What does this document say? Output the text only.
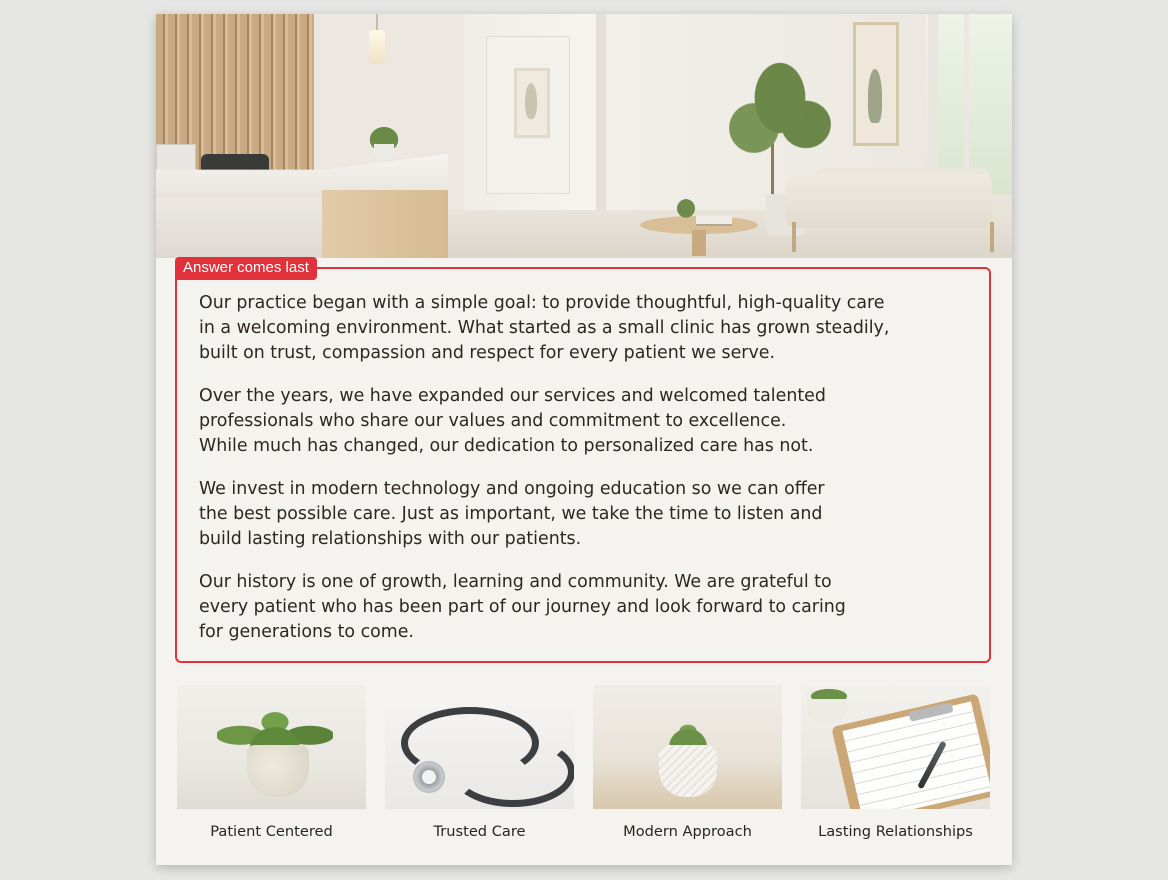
Answer comes last

Our practice began with a simple goal: to provide thoughtful, high-quality care
in a welcoming environment. What started as a small clinic has grown steadily,
built on trust, compassion and respect for every patient we serve.

Over the years, we have expanded our services and welcomed talented
professionals who share our values and commitment to excellence.
While much has changed, our dedication to personalized care has not.

We invest in modern technology and ongoing education so we can offer
the best possible care. Just as important, we take the time to listen and
build lasting relationships with our patients.

Our history is one of growth, learning and community. We are grateful to
every patient who has been part of our journey and look forward to caring
for generations to come.

Patient Centered	Trusted Care	Modern Approach	Lasting Relationships
